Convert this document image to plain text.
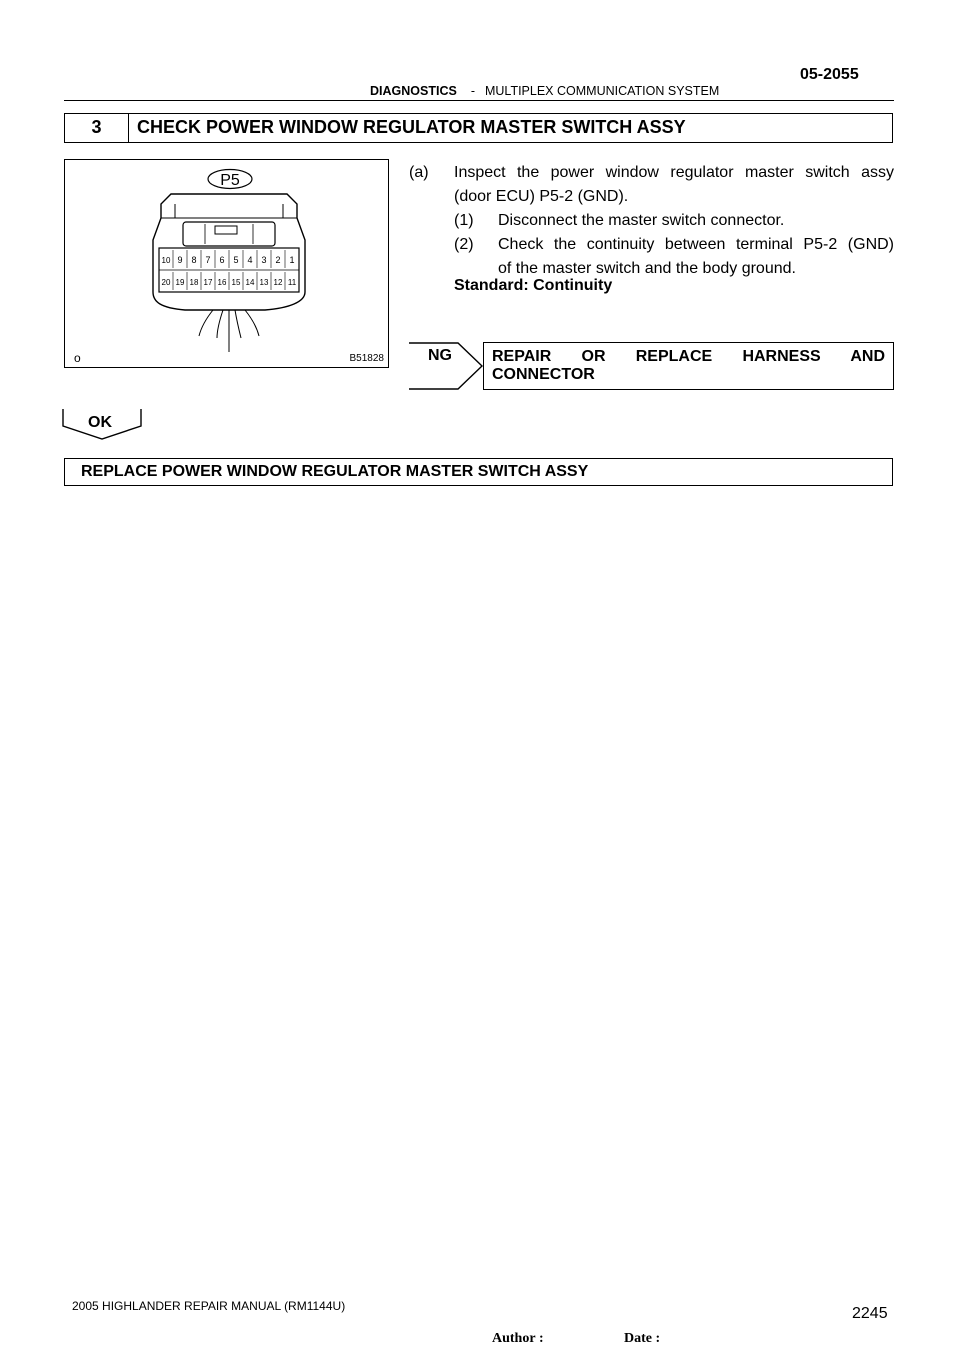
05-2055
DIAGNOSTICS - MULTIPLEX COMMUNICATION SYSTEM
3	CHECK POWER WINDOW REGULATOR MASTER SWITCH ASSY
P5
10 9 8 7 6 5 4 3 2 1
20 19 18 17 16 15 14 13 12 11
o	B51828
(a) Inspect the power window regulator master switch assy
(door ECU) P5-2 (GND).
(1) Disconnect the master switch connector.
(2) Check the continuity between terminal P5-2 (GND)
of the master switch and the body ground.
Standard: Continuity
NG	REPAIR OR REPLACE HARNESS AND
CONNECTOR
OK
REPLACE POWER WINDOW REGULATOR MASTER SWITCH ASSY
2005 HIGHLANDER REPAIR MANUAL (RM1144U)	2245
Author :	Date :
